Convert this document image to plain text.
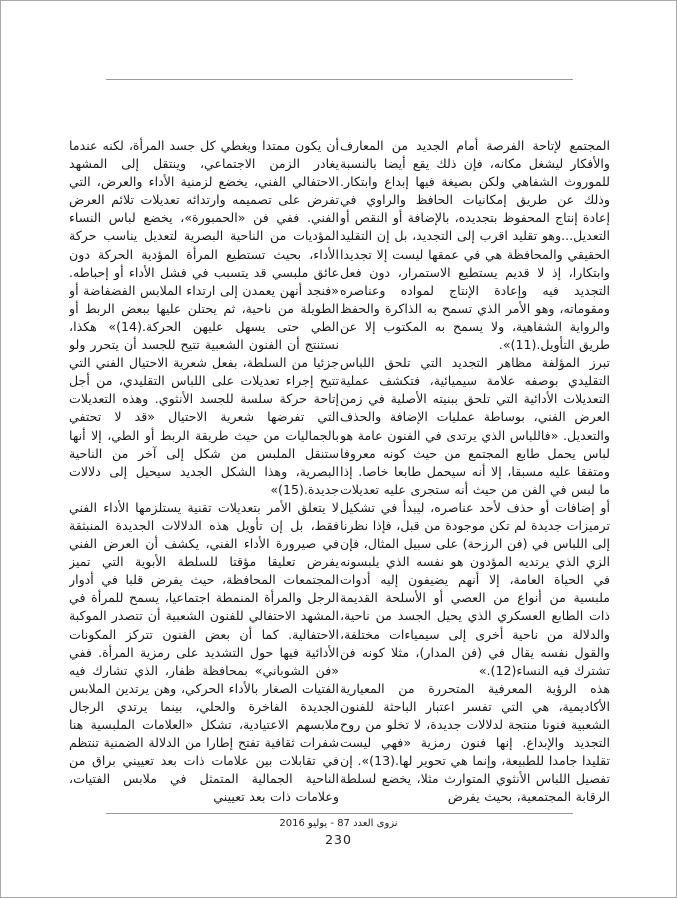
المجتمع لإتاحة الفرصة أمام الجديد من المعارف والأفكار ليشغل مكانه، فإن ذلك يقع أيضا بالنسبة للموروث الشفاهي ولكن بصيغة فيها إبداع وابتكار. وذلك عن طريق إمكانيات الحافظ والراوي في إعادة إنتاج المحفوظ بتجديده، بالإضافة أو النقص أو التعديل...وهو تقليد اقرب إلى التجديد، بل إن التقليد الحقيقي والمحافظة هي في عمقها ليست إلا تجديدا وابتكارا، إذ لا قديم يستطيع الاستمرار، دون فعل التجديد فيه وإعادة الإنتاج لمواده وعناصره ومقوماته، وهو الأمر الذي تسمح به الذاكرة والحفظ والرواية الشفاهية، ولا يسمح به المكتوب إلا عن طريق التأويل.(11)».

تبرز المؤلفة مظاهر التجديد التي تلحق اللباس التقليدي بوصفه علامة سيميائية، فتكشف عملية التعديلات الأدائية التي تلحق ببنيته الأصلية في زمن العرض الفني، بوساطة عمليات الإضافة والحذف والتعديل. «فاللباس الذي يرتدى في الفنون عامة هو لباس يحمل طابع المجتمع من حيث كونه معروفا ومتفقا عليه مسبقا، إلا أنه سيحمل طابعا خاصا. إذا ما لبس في الفن من حيث أنه ستجرى عليه تعديلات أو إضافات أو حذف لأحد عناصره، ليبدأ في تشكيل ترميزات جديدة لم تكن موجودة من قبل، فإذا نظرنا إلى اللباس في (فن الرزحة) على سبيل المثال، فإن الزي الذي يرتديه المؤدون هو نفسه الذي يلبسونه في الحياة العامة، إلا أنهم يضيفون إليه أدوات ملبسية من أنواع من العصي أو الأسلحة القديمة ذات الطابع العسكري الذي يحيل الجسد من ناحية، والدلالة من ناحية أخرى إلى سيمياءات مختلفة، والقول نفسه يقال في (فن المدار)، مثلا كونه فن تشترك فيه النساء(12).»

هذه الرؤية المعرفية المتحررة من المعيارية الأكاديمية، هي التي تفسر اعتبار الباحثة للفنون الشعبية فنونا منتجة لدلالات جديدة، لا تخلو من روح التجديد والإبداع. إنها فنون رمزية «فهي ليست تقليدا جامدا للطبيعة، وإنما هي تحوير لها.(13)». إن تفصيل اللباس الأنثوي المتوارث مثلا، يخضع لسلطة الرقابة المجتمعية، بحيث يفرض

أن يكون ممتدا ويغطي كل جسد المرأة، لكنه عندما يغادر الزمن الاجتماعي، وينتقل إلى المشهد الاحتفالي الفني، يخضع لزمنية الأداء والعرض، التي تفرض على تصميمه وارتدائه تعديلات تلائم العرض الفني. ففي فن «الحمبورة»، يخضع لباس النساء المؤديات من الناحية البصرية لتعديل يناسب حركة الأداء، بحيث تستطيع المرأة المؤدية الحركة دون عائق ملبسي قد يتسبب في فشل الأداء أو إحباطه. «فنجد أنهن يعمدن إلى ارتداء الملابس الفضفاضة أو الطويلة من ناحية، ثم يحتلن عليها ببعض الربط أو الطي حتى يسهل عليهن الحركة.(14)» هكذا، نستنتج أن الفنون الشعبية تتيح للجسد أن يتحرر ولو جزئيا من السلطة، بفعل شعرية الاحتيال الفني التي تتيح إجراء تعديلات على اللباس التقليدي، من أجل إتاحة حركة سلسة للجسد الأنثوي. وهذه التعديلات التي تفرضها شعرية الاحتيال «قد لا تحتفي بالجماليات من حيث طريقة الربط أو الطي، إلا أنها ستنقل الملبس من شكل إلى آخر من الناحية البصرية، وهذا الشكل الجديد سيحيل إلى دلالات جديدة.(15)»

لا يتعلق الأمر بتعديلات تقنية يستلزمها الأداء الفني فقط، بل إن تأويل هذه الدلالات الجديدة المنبثقة في صيرورة الأداء الفني، يكشف أن العرض الفني يفرض تعليقا مؤقتا للسلطة الأبوية التي تميز المجتمعات المحافظة، حيث يفرض قلبا في أدوار الرجل والمرأة المنمطة اجتماعيا، يسمح للمرأة في المشهد الاحتفالي للفنون الشعبية أن تتصدر الموكبة الاحتفالية. كما أن بعض الفنون تتركز المكونات الأدائية فيها حول التشديد على رمزية المرأة. ففي «فن الشوباني» بمحافظة ظفار، الذي تشارك فيه الفتيات الصغار بالأداء الحركي، وهن يرتدين الملابس الجديدة الفاخرة والحلي، بينما يرتدي الرجال ملابسهم الاعتيادية، تشكل «العلامات الملبسية هنا شفرات ثقافية تفتح إطارا من الدلالة الضمنية تنتظم في تقابلات بين علامات ذات بعد تعييني براق من الناحية الجمالية المتمثل في ملابس الفتيات، وعلامات ذات بعد تعييني

نزوى العدد 87 - يوليو 2016
230
